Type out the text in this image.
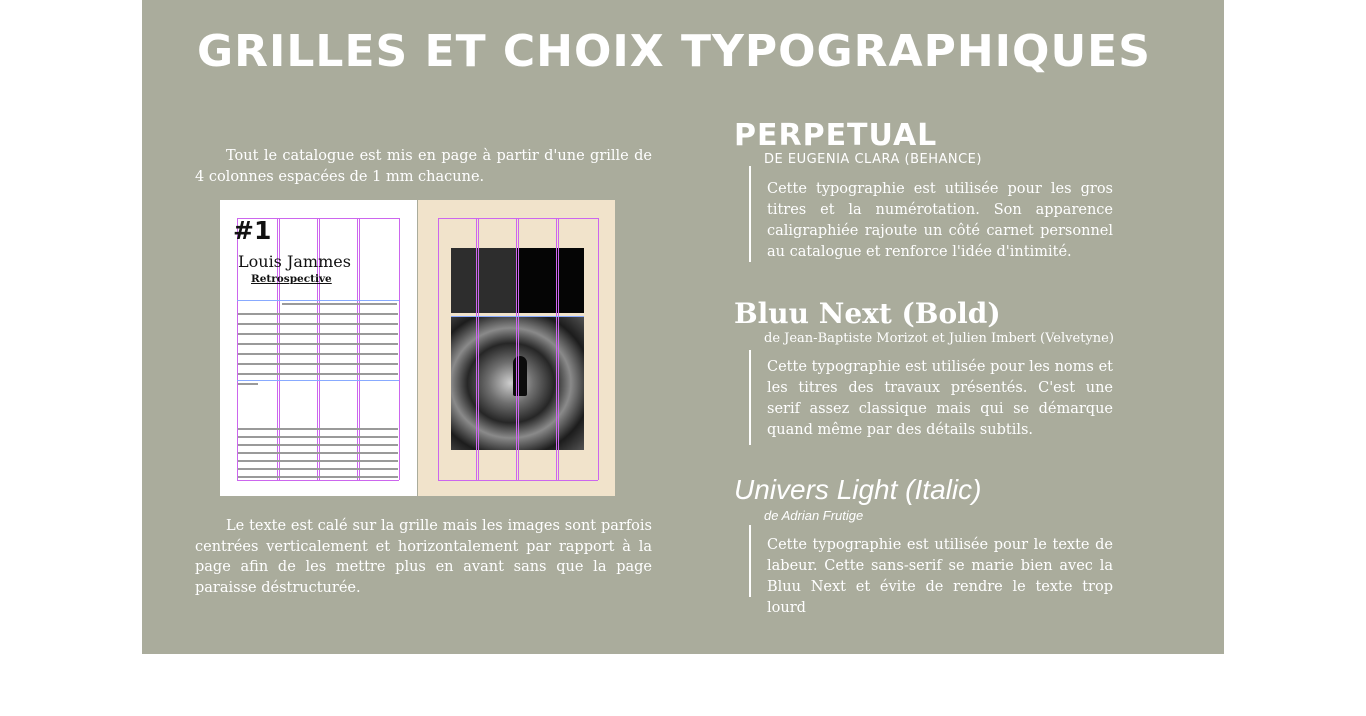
GRILLES ET CHOIX TYPOGRAPHIQUES

Tout le catalogue est mis en page à partir d'une grille de 4 colonnes espacées de 1 mm chacune.

#1
Louis Jammes
Retrospective

Le texte est calé sur la grille mais les images sont parfois centrées verticalement et horizontalement par rapport à la page afin de les mettre plus en avant sans que la page paraisse déstructurée.

PERPETUAL
DE EUGENIA CLARA (BEHANCE)

Cette typographie est utilisée pour les gros titres et la numérotation. Son apparence caligraphiée rajoute un côté carnet personnel au catalogue et renforce l'idée d'intimité.

Bluu Next (Bold)
de Jean-Baptiste Morizot et Julien Imbert (Velvetyne)

Cette typographie est utilisée pour les noms et les titres des travaux présentés. C'est une serif assez classique mais qui se démarque quand même par des détails subtils.

Univers Light (Italic)
de Adrian Frutige

Cette typographie est utilisée pour le texte de labeur. Cette sans-serif se marie bien avec la Bluu Next et évite de rendre le texte trop lourd
